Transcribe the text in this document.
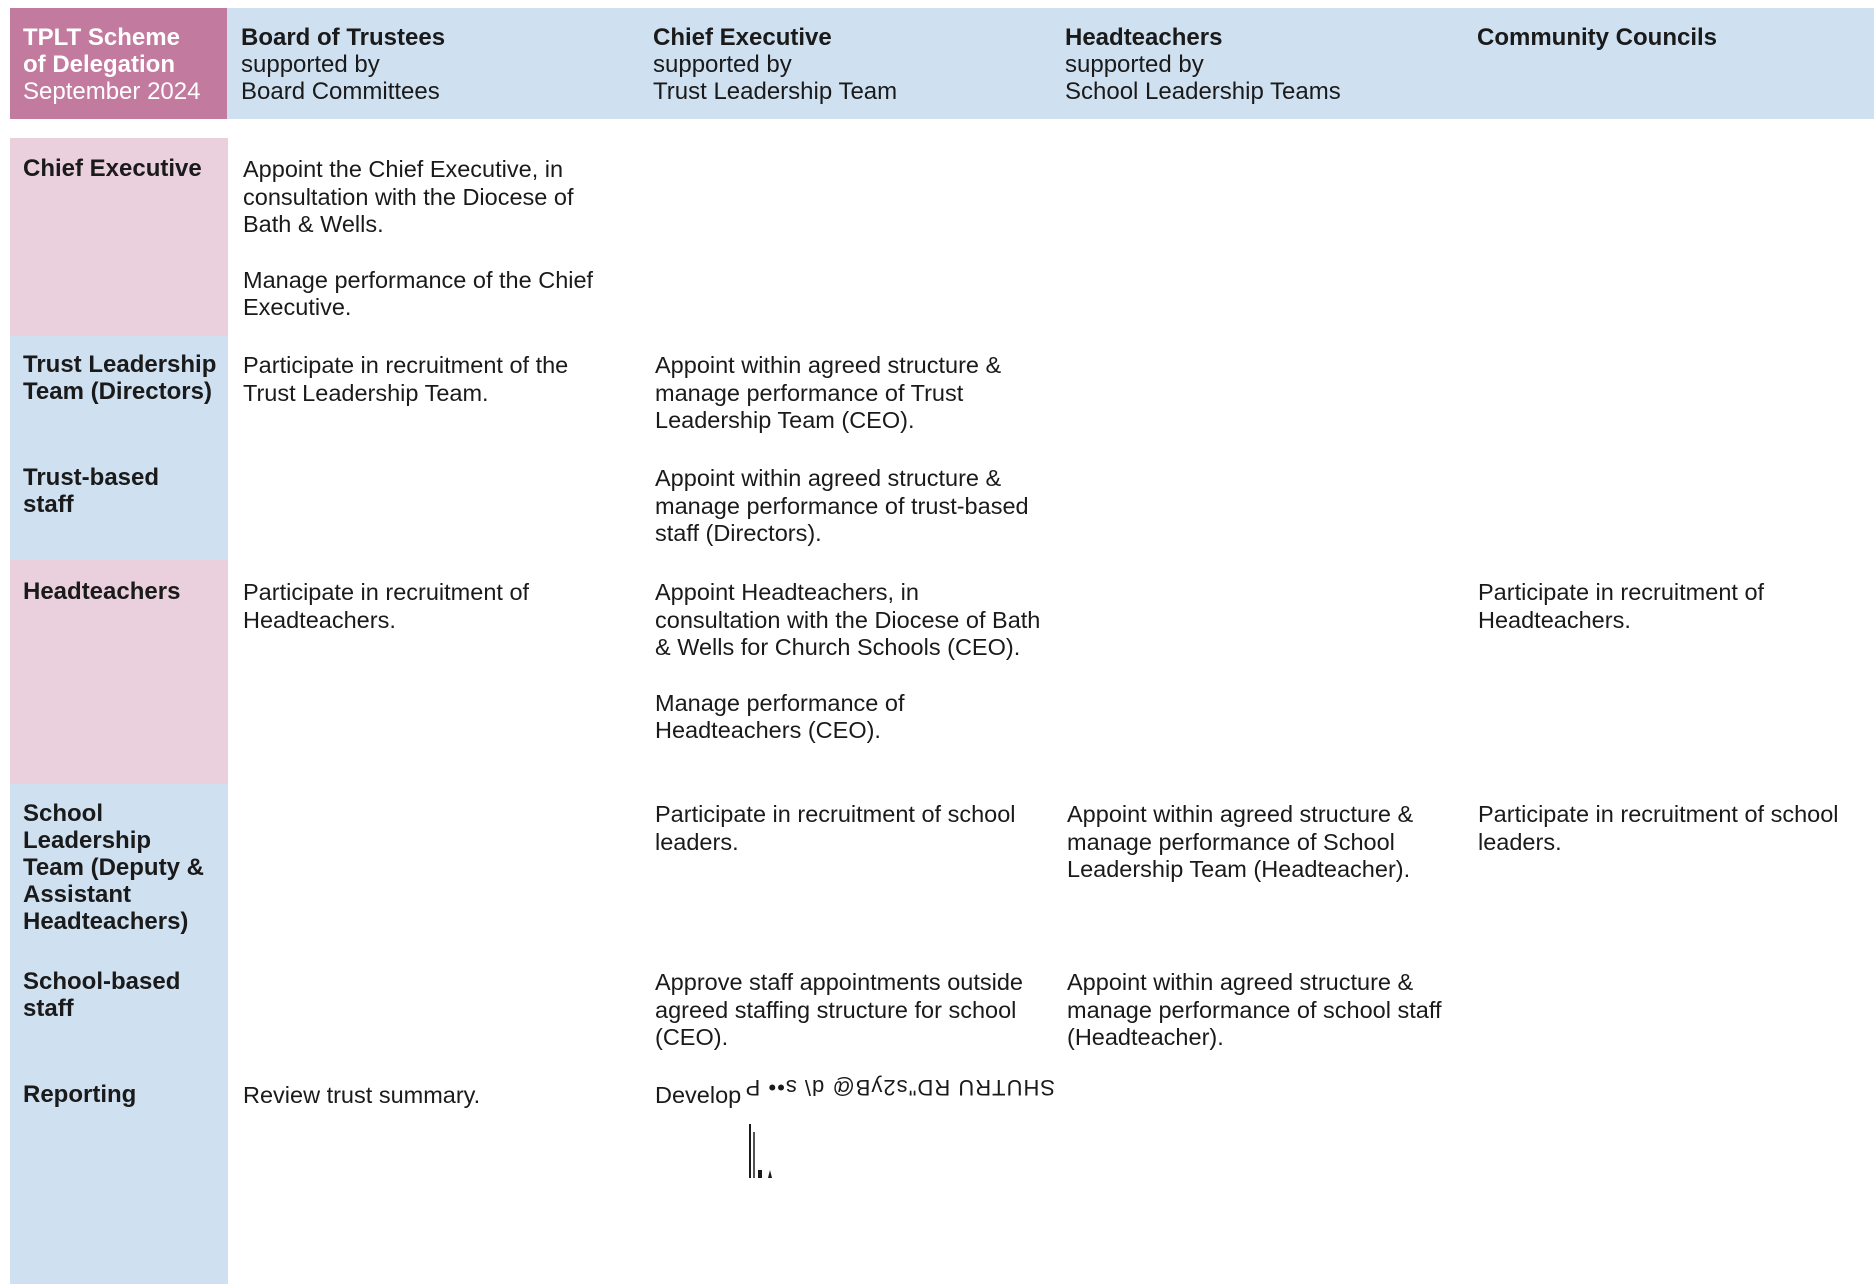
TPLT Scheme
of Delegation
September 2024
Board of Trustees
supported by
Board Committees
Chief Executive
supported by
Trust Leadership Team
Headteachers
supported by
School Leadership Teams
Community Councils
Chief Executive
Trust Leadership Team (Directors)
Trust-based staff
Headteachers
School Leadership Team (Deputy & Assistant Headteachers)
School-based staff
Reporting

Appoint the Chief Executive, in consultation with the Diocese of Bath & Wells.

Manage performance of the Chief Executive.

Participate in recruitment of the Trust Leadership Team.

Appoint within agreed structure & manage performance of Trust Leadership Team (CEO).

Appoint within agreed structure & manage performance of trust-based staff (Directors).

Participate in recruitment of Headteachers.

Appoint Headteachers, in consultation with the Diocese of Bath & Wells for Church Schools (CEO).

Manage performance of Headteachers (CEO).

Participate in recruitment of Headteachers.

Participate in recruitment of school leaders.

Appoint within agreed structure & manage performance of School Leadership Team (Headteacher).

Participate in recruitment of school leaders.

Approve staff appointments outside agreed staffing structure for school (CEO).

Appoint within agreed structure & manage performance of school staff (Headteacher).

Review trust summary.	Develop SHUTRU RD"s2yB@ d\ s•• P
